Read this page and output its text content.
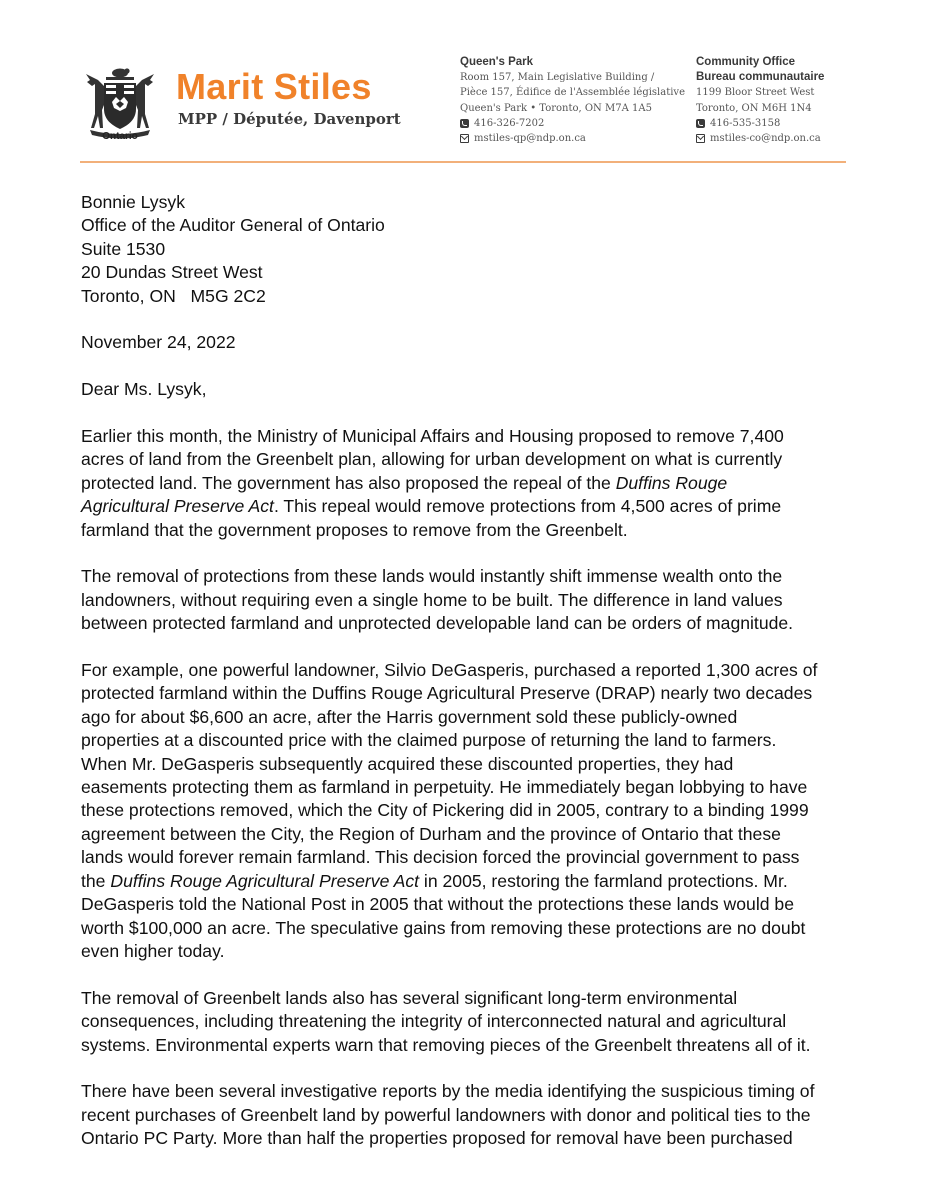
Ontario
Marit Stiles
MPP / Députée, Davenport
Queen's Park
Room 157, Main Legislative Building /
Pièce 157, Édifice de l'Assemblée législative
Queen's Park • Toronto, ON M7A 1A5
416-326-7202
mstiles-qp@ndp.on.ca
Community Office
Bureau communautaire
1199 Bloor Street West
Toronto, ON M6H 1N4
416-535-3158
mstiles-co@ndp.on.ca

Bonnie Lysyk
Office of the Auditor General of Ontario
Suite 1530
20 Dundas Street West
Toronto, ON   M5G 2C2

November 24, 2022

Dear Ms. Lysyk,

Earlier this month, the Ministry of Municipal Affairs and Housing proposed to remove 7,400
acres of land from the Greenbelt plan, allowing for urban development on what is currently
protected land. The government has also proposed the repeal of the Duffins Rouge
Agricultural Preserve Act. This repeal would remove protections from 4,500 acres of prime
farmland that the government proposes to remove from the Greenbelt.

The removal of protections from these lands would instantly shift immense wealth onto the
landowners, without requiring even a single home to be built. The difference in land values
between protected farmland and unprotected developable land can be orders of magnitude.

For example, one powerful landowner, Silvio DeGasperis, purchased a reported 1,300 acres of
protected farmland within the Duffins Rouge Agricultural Preserve (DRAP) nearly two decades
ago for about $6,600 an acre, after the Harris government sold these publicly-owned
properties at a discounted price with the claimed purpose of returning the land to farmers.
When Mr. DeGasperis subsequently acquired these discounted properties, they had
easements protecting them as farmland in perpetuity. He immediately began lobbying to have
these protections removed, which the City of Pickering did in 2005, contrary to a binding 1999
agreement between the City, the Region of Durham and the province of Ontario that these
lands would forever remain farmland. This decision forced the provincial government to pass
the Duffins Rouge Agricultural Preserve Act in 2005, restoring the farmland protections. Mr.
DeGasperis told the National Post in 2005 that without the protections these lands would be
worth $100,000 an acre. The speculative gains from removing these protections are no doubt
even higher today.

The removal of Greenbelt lands also has several significant long-term environmental
consequences, including threatening the integrity of interconnected natural and agricultural
systems. Environmental experts warn that removing pieces of the Greenbelt threatens all of it.

There have been several investigative reports by the media identifying the suspicious timing of
recent purchases of Greenbelt land by powerful landowners with donor and political ties to the
Ontario PC Party. More than half the properties proposed for removal have been purchased
